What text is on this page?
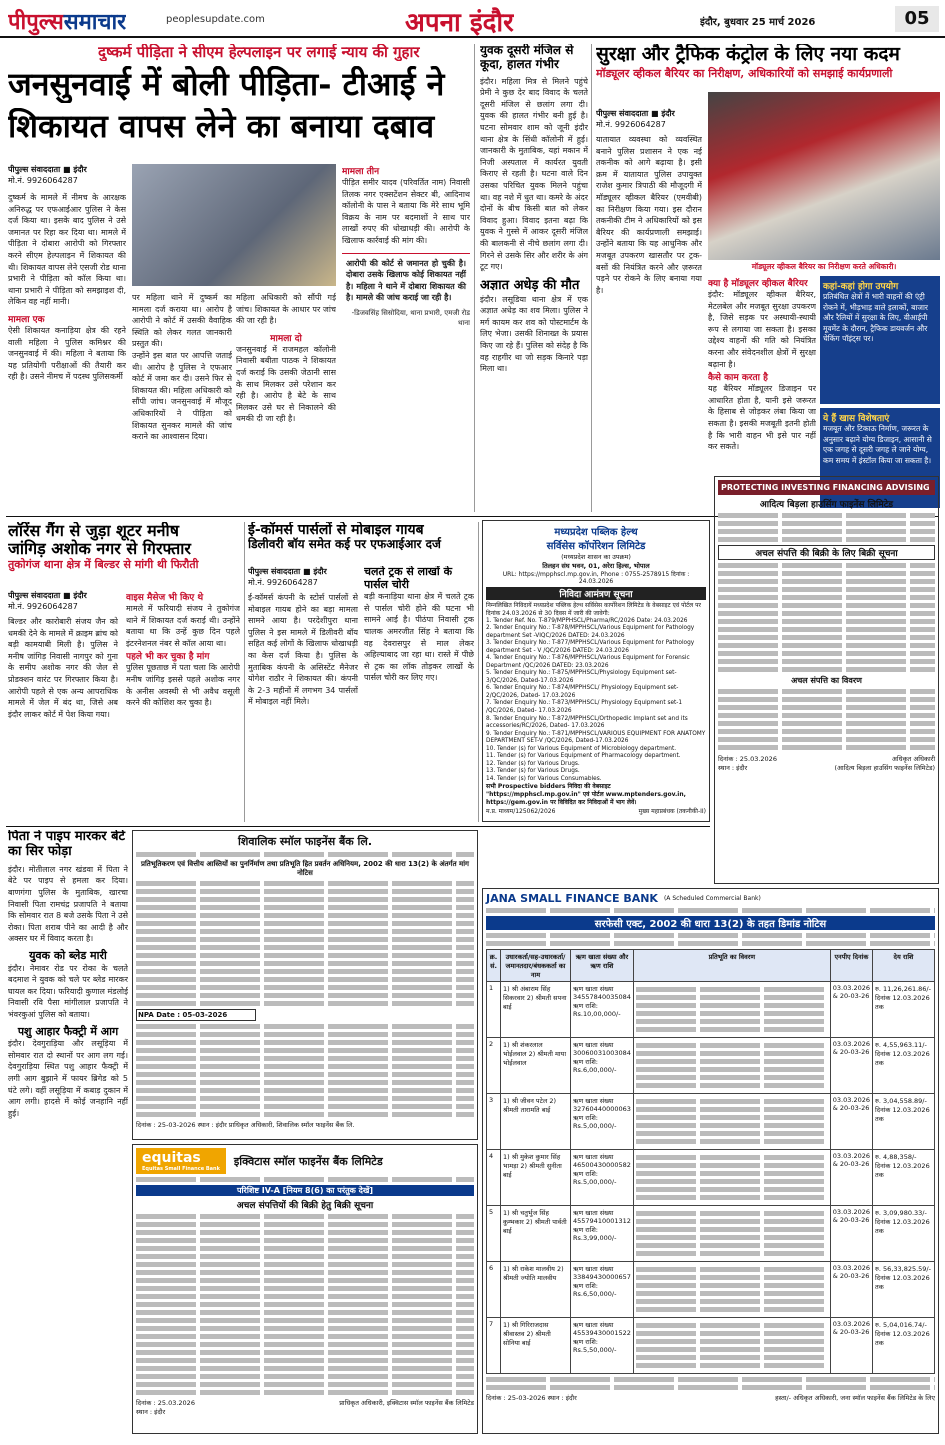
पीपुल्ससमाचार	peoplesupdate.com	अपना इंदौर	इंदौर, बुधवार 25 मार्च 2026	05
दुष्कर्म पीड़िता ने सीएम हेल्पलाइन पर लगाई न्याय की गुहार
जनसुनवाई में बोली पीड़िता- टीआई ने
शिकायत वापस लेने का बनाया दबाव
पीपुल्स संवाददाता ■ इंदौर
मो.नं. 9926064287
दुष्कर्म के मामले में नीमच के आरक्षक अनिरुद्ध पर एफआईआर पुलिस ने केस दर्ज किया था। इसके बाद पुलिस ने उसे जमानत पर रिहा कर दिया था। मामले में पीड़िता ने दोबारा आरोपी को गिरफ्तार करने सीएम हेल्पलाइन में शिकायत की थी। शिकायत वापस लेने एसजी रोड थाना प्रभारी ने पीड़िता को कॉल किया था। थाना प्रभारी ने पीड़िता को समझाइश दी, लेकिन वह नहीं मानी।
मामला एक
ऐसी शिकायत कनाड़िया क्षेत्र की रहने वाली महिला ने पुलिस कमिश्नर की जनसुनवाई में की। महिला ने बताया कि यह प्रतियोगी परीक्षाओं की तैयारी कर रही है। उसने नीमच में पदस्थ पुलिसकर्मी
पर महिला थाने में दुष्कर्म का मामला दर्ज कराया था। आरोप है आरोपी ने कोर्ट में उसकी वैवाहिक स्थिति को लेकर गलत जानकारी प्रस्तुत की।
उन्होंने इस बात पर आपत्ति जताई थी। आरोप है पुलिस ने एफआर कोर्ट में जमा कर दी। उसने फिर से शिकायत की। महिला अधिकारी को सौंपी जांच। जनसुनवाई में मौजूद अधिकारियों ने पीड़िता को शिकायत सुनकर मामले की जांच कराने का आश्वासन दिया।
महिला अधिकारी को सौंपी गई जांच। शिकायत के आधार पर जांच की जा रही है।
मामला दो
जनसुनवाई में राजमहल कॉलोनी निवासी बबीता पाठक ने शिकायत दर्ज कराई कि उसकी जेठानी सास के साथ मिलकर उसे परेशान कर रही है। आरोप है बेटे के साथ मिलकर उसे घर से निकालने की धमकी दी जा रही है।
मामला तीन
पीड़ित समीर यादव (परिवर्तित नाम) निवासी तिलक नगर एक्सटेंशन सेक्टर बी, आदिनाथ कॉलोनी के पास ने बताया कि मेरे साथ भूमि विक्रय के नाम पर बदमाशों ने साथ पार लाखों रुपए की धोखाधड़ी की। आरोपी के खिलाफ कार्रवाई की मांग की।
आरोपी की कोर्ट से जमानत हो चुकी है। दोबारा उसके खिलाफ कोई शिकायत नहीं है। महिला ने थाने में दोबारा शिकायत की है। मामले की जांच कराई जा रही है।
-डिजवसिंह सिसोदिया, थाना प्रभारी, एमजी रोड थाना
युवक दूसरी मंजिल से कूदा, हालत गंभीर
इंदौर। महिला मित्र से मिलने पहुंचे प्रेमी ने कुछ देर बाद विवाद के चलते दूसरी मंजिल से छलांग लगा दी। युवक की हालत गंभीर बनी हुई है। घटना सोमवार शाम को जूनी इंदौर थाना क्षेत्र के सिंधी कॉलोनी में हुई। जानकारी के मुताबिक, यहां मकान में निजी अस्पताल में कार्यरत युवती किराए से रहती है। घटना वाले दिन उसका परिचित युवक मिलने पहुंचा था। वह नशे में धुत था। कमरे के अंदर दोनों के बीच किसी बात को लेकर विवाद हुआ। विवाद इतना बढ़ा कि युवक ने गुस्से में आकर दूसरी मंजिल की बालकनी से नीचे छलांग लगा दी। गिरने से उसके सिर और शरीर के अंग टूट गए।
अज्ञात अधेड़ की मौत
इंदौर। लसूडिया थाना क्षेत्र में एक अज्ञात अधेड़ का शव मिला। पुलिस ने मर्ग कायम कर शव को पोस्टमार्टम के लिए भेजा। उसकी शिनाख्त के प्रयास किए जा रहे हैं। पुलिस को संदेह है कि वह राहगीर था जो सड़क किनारे पड़ा मिला था।
सुरक्षा और ट्रैफिक कंट्रोल के लिए नया कदम
मॉड्यूलर व्हीकल बैरियर का निरीक्षण, अधिकारियों को समझाई कार्यप्रणाली
पीपुल्स संवाददाता ■ इंदौर
मो.नं. 9926064287
यातायात व्यवस्था को व्यवस्थित बनाने पुलिस प्रशासन ने एक नई तकनीक को आगे बढ़ाया है। इसी क्रम में यातायात पुलिस उपायुक्त राजेश कुमार त्रिपाठी की मौजूदगी में मॉड्यूलर व्हीकल बैरियर (एमवीबी) का निरीक्षण किया गया। इस दौरान तकनीकी टीम ने अधिकारियों को इस बैरियर की कार्यप्रणाली समझाई। उन्होंने बताया कि यह आधुनिक और मजबूत उपकरण खासतौर पर ट्रक-बसों की नियंत्रित करने और ज़रूरत पड़ने पर रोकने के लिए बनाया गया है।
मॉड्यूलर व्हीकल बैरियर का निरीक्षण करते अधिकारी।
क्या है मॉड्यूलर व्हीकल बैरियर
इंदौर: मॉड्यूलर व्हीकल बैरियर, मेटलबेल और मजबूत सुरक्षा उपकरण है, जिसे सड़क पर अस्थायी-स्थायी रूप से लगाया जा सकता है। इसका उद्देश्य वाहनों की गति को नियंत्रित करना और संवेदनशील क्षेत्रों में सुरक्षा बढ़ाना है।
कैसे काम करता है
यह बैरियर मॉड्यूलर डिजाइन पर आधारित होता है, यानी इसे जरूरत के हिसाब से जोड़कर लंबा किया जा सकता है। इसकी मजबूती इतनी होती है कि भारी वाहन भी इसे पार नहीं कर सकते।
कहां-कहां होगा उपयोग
प्रतिबंधित क्षेत्रों में भारी वाहनों की एंट्री रोकने में, भीड़भाड़ वाले इलाकों, बाजार और रैलियों में सुरक्षा के लिए, वीआईपी मूवमेंट के दौरान, ट्रैफिक डायवर्जन और चेकिंग पॉइंट्स पर।
ये हैं खास विशेषताएं
मजबूत और टिकाऊ निर्माण, जरूरत के अनुसार बढ़ाने योग्य डिजाइन, आसानी से एक जगह से दूसरी जगह ले जाने योग्य, कम समय में इंस्टॉल किया जा सकता है।
लॉरेंस गैंग से जुड़ा शूटर मनीष
जांगिड़ अशोक नगर से गिरफ्तार
तुकोगंज थाना क्षेत्र में बिल्डर से मांगी थी फिरौती
पीपुल्स संवाददाता ■ इंदौर
मो.नं. 9926064287
बिल्डर और कारोबारी संजय जैन को धमकी देने के मामले में क्राइम ब्रांच को बड़ी कामयाबी मिली है। पुलिस ने मनीष जांगिड़ निवासी नागपुर को गुना के समीप अशोक नगर की जेल से प्रोडक्शन वारंट पर गिरफ्तार किया है। आरोपी पहले से एक अन्य आपराधिक मामले में जेल में बंद था, जिसे अब इंदौर लाकर कोर्ट में पेश किया गया।
वाइस मैसेज भी किए थे
मामले में फरियादी संजय ने तुकोगंज थाने में शिकायत दर्ज कराई थी। उन्होंने बताया था कि उन्हें कुछ दिन पहले इंटरनेशनल नंबर से कॉल आया था।
पहले भी कर चुका है मांग
पुलिस पूछताछ में पता चला कि आरोपी मनीष जांगिड़ इससे पहले अशोक नगर के अनीस अवस्थी से भी अवैध वसूली करने की कोशिश कर चुका है।
ई-कॉमर्स पार्सलों से मोबाइल गायब
डिलीवरी बॉय समेत कई पर एफआईआर दर्ज
पीपुल्स संवाददाता ■ इंदौर
मो.नं. 9926064287
ई-कॉमर्स कंपनी के स्टोर्स पार्सलों से मोबाइल गायब होने का बड़ा मामला सामने आया है। परदेशीपुरा थाना पुलिस ने इस मामले में डिलीवरी बॉय सहित कई लोगों के खिलाफ धोखाधड़ी का केस दर्ज किया है। पुलिस के मुताबिक कंपनी के असिस्टेंट मैनेजर योगेश राठौर ने शिकायत की। कंपनी के 2-3 महीनों में लगभग 34 पार्सलों में मोबाइल नहीं मिले।
चलते ट्रक से लाखों के पार्सल चोरी
बड़ी कनाड़िया थाना क्षेत्र में चलते ट्रक से पार्सल चोरी होने की घटना भी सामने आई है। पीठंपा निवासी ट्रक चालक अमरजीत सिंह ने बताया कि वह देवरासपुर से माल लेकर अहिल्याबाद जा रहा था। रास्ते में पीछे से ट्रक का लॉक तोड़कर लाखों के पार्सल चोरी कर लिए गए।
मध्यप्रदेश पब्लिक हेल्थ
सर्विसेस कॉर्पोरेशन लिमिटेड
(मध्यप्रदेश शासन का उपक्रम)
तिलहन संघ भवन, 01, अरेरा हिल्स, भोपाल
URL: https://mpphscl.mp.gov.in, Phone : 0755-2578915 दिनांक : 24.03.2026
निविदा आमंत्रण सूचना
निम्नलिखित निविदायें मध्यप्रदेश पब्लिक हेल्थ सर्विसेस कार्पोरेशन लिमिटेड के वेबसाइट एवं पोर्टल पर दिनांक 24.03.2026 से 30 दिवस में जारी की जावेगी:
1. Tender Ref. No. T-879/MPPHSCL/Pharma/RC/2026 Date: 24.03.2026
2. Tender Enquiry No.: T-878/MPPHSCL/Various Equipment for Pathology department Set -VIQC/2026 DATED: 24.03.2026
3. Tender Enquiry No.: T-877/MPPHSCL/Various Equipment for Pathology department Set - V /QC/2026 DATED: 24.03.2026
4. Tender Enquiry No.: T-876/MPPHSCL/Various Equipment for Forensic Department /QC/2026 DATED: 23.03.2026
5. Tender Enquiry No.: T-875/MPPHSCL/Physiology Equipment set-3/QC/2026, Dated-17.03.2026
6. Tender Enquiry No.: T-874/MPPHSCL/ Physiology Equipment set-2/QC/2026, Dated- 17.03.2026
7. Tender Enquiry No.: T-873/MPPHSCL/ Physiology Equipment set-1 /QC/2026, Dated- 17.03.2026
8. Tender Enquiry No.: T-872/MPPHSCL/Orthopedic Implant set and its accessories/RC/2026, Dated- 17.03.2026
9. Tender Enquiry No.: T-871/MPPHSCL/VARIOUS EQUIPMENT FOR ANATOMY DEPARTMENT SET-V /QC/2026, Dated-17.03.2026
10. Tender (s) for Various Equipment of Microbiology department.
11. Tender (s) for Various Equipment of Pharmacology department.
12. Tender (s) for Various Drugs.
13. Tender (s) for Various Drugs.
14. Tender (s) for Various Consumables.
सभी Prospective bidders निविदा की वेबसाइट "https://mpphscl.mp.gov.in" एवं पोर्टल www.mptenders.gov.in, https://gem.gov.in पर विविदित कर निविदाओं में भाग लेवें।
म.प्र. माध्यम/125062/2026	मुख्य महाप्रबंधक (तकनीकी-II)
PROTECTING INVESTING FINANCING ADVISING
आदित्य बिड़ला हाउसिंग फाइनेंस लिमिटेड
अचल संपत्ति की बिक्री के लिए बिक्री सूचना
अचल संपत्ति का विवरण
दिनांक : 25.03.2026
स्थान : इंदौर
अधिकृत अधिकारी
(आदित्य बिड़ला हाउसिंग फाइनेंस लिमिटेड)
पिता ने पाइप मारकर बेटे का सिर फोड़ा
इंदौर। मोतीलाल नगर खंडवा में पिता ने बेटे पर पाइप से हमला कर दिया। बाणगंगा पुलिस के मुताबिक, खारचा निवासी पिता रामचंद्र प्रजापति ने बताया कि सोमवार रात 8 बजे उसके पिता ने उसे रोका। पिता शराब पीने का आदी है और अक्सर घर में विवाद करता है।
युवक को ब्लेड मारी
इंदौर। नेमावर रोड पर रोका के चलते बदमाश ने युवक को चले पर ब्लेड मारकर घायल कर दिया। फरियादी कुणाल मंडलोई निवासी रवि पैसा मांगीलाल प्रजापति ने भंवरकुआं पुलिस को बताया।
पशु आहार फैक्ट्री में आग
इंदौर। देवगुराड़िया और लसूड़िया में सोमवार रात दो स्थानों पर आग लग गई। देवगुराड़िया स्थित पशु आहार फैक्ट्री में लगी आग बुझाने में फायर ब्रिगेड को 5 घंटे लगे। वहीं लसूड़िया में कबाड़ दुकान में आग लगी। हादसे में कोई जनहानि नहीं हुई।
शिवालिक स्मॉल फाइनेंस बैंक लि.
प्रतिभूतिकरण एवं वित्तीय आस्तियों का पुनर्निर्माण तथा प्रतिभूति हित प्रवर्तन अधिनियम, 2002 की धारा 13(2) के अंतर्गत मांग नोटिस
NPA Date : 05-03-2026
दिनांक : 25-03-2026 स्थान : इंदौर प्राधिकृत अधिकारी, शिवालिक स्मॉल फाइनेंस बैंक लि.
equitas
Equitas Small Finance Bank
इक्विटास स्मॉल फाइनेंस बैंक लिमिटेड
परिशिष्ट IV-A [नियम 8(6) का परंतुक देखें]
अचल संपत्तियों की बिक्री हेतु बिक्री सूचना
दिनांक : 25.03.2026
स्थान : इंदौर
प्राधिकृत अधिकारी, इक्विटास स्मॉल फाइनेंस बैंक लिमिटेड
JANA SMALL FINANCE BANK (A Scheduled Commercial Bank)
सरफेसी एक्ट, 2002 की धारा 13(2) के तहत डिमांड नोटिस
क्र. सं.	उधारकर्ता/सह-उधारकर्ता/जमानतदार/बंधककर्ता का नाम	ऋण खाता संख्या और ऋण राशि	प्रतिभूति का विवरण	एनपीए दिनांक	देय राशि
1	1) श्री अंबाराम सिंह सिकरवार 2) श्रीमती सपना बाई	ऋण खाता संख्या 34557840035084 ऋण राशि: Rs.10,00,000/-		03.03.2026 & 20-03-26	रु. 11,26,261.86/- दिनांक 12.03.2026 तक
2	1) श्री शंकरलाल भोईलवाल 2) श्रीमती माया भोईलवाल	ऋण खाता संख्या 30060031003084 ऋण राशि: Rs.6,00,000/-		03.03.2026 & 20-03-26	रु. 4,55,963.11/- दिनांक 12.03.2026 तक
3	1) श्री जीवन पटेल 2) श्रीमती तारामति बाई	ऋण खाता संख्या 32760440000063 ऋण राशि: Rs.5,00,000/-		03.03.2026 & 20-03-26	रु. 3,04,558.89/- दिनांक 12.03.2026 तक
4	1) श्री मुकेश कुमार सिंह भामड़ा 2) श्रीमती सुनीता बाई	ऋण खाता संख्या 46500430000582 ऋण राशि: Rs.5,00,000/-		03.03.2026 & 20-03-26	रु. 4,88,358/- दिनांक 12.03.2026 तक
5	1) श्री चतुर्भुज सिंह कुम्भकार 2) श्रीमती पार्वती बाई	ऋण खाता संख्या 45579410001312 ऋण राशि: Rs.3,99,000/-		03.03.2026 & 20-03-26	रु. 3,09,980.33/- दिनांक 12.03.2026 तक
6	1) श्री राकेश मालवीय 2) श्रीमती ज्योति मालवीय	ऋण खाता संख्या 33849430000657 ऋण राशि: Rs.6,50,000/-		03.03.2026 & 20-03-26	रु. 56,33,825.59/- दिनांक 12.03.2026 तक
7	1) श्री गिरिराजदास श्रीवास्तव 2) श्रीमती सोनिया बाई	ऋण खाता संख्या 45539430001522 ऋण राशि: Rs.5,50,000/-		03.03.2026 & 20-03-26	रु. 5,04,016.74/- दिनांक 12.03.2026 तक
दिनांक : 25-03-2026 स्थान : इंदौर	हस्ता/- अधिकृत अधिकारी, जना स्मॉल फाइनेंस बैंक लिमिटेड के लिए
